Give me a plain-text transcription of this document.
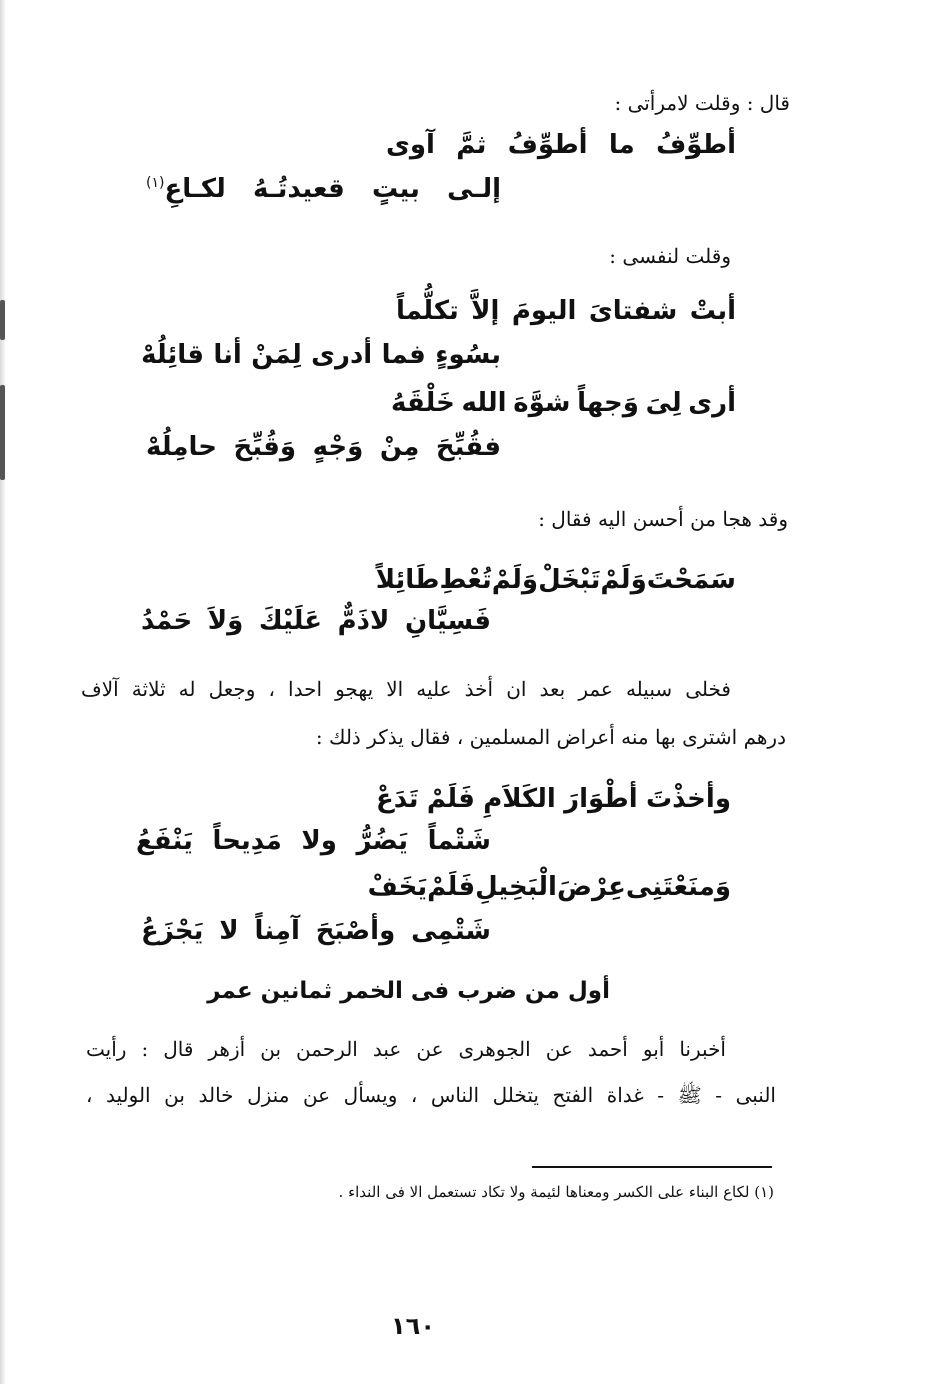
قال : وقلت لامرأتى :
أطوِّفُ
ما
أطوِّفُ
ثمَّ
آوى
إلـى
بيتٍ
قعيدتُـهُ
لكـاعِ(١)
وقلت لنفسى :
أبتْ
شفتاىَ
اليومَ
إلاَّ
تكلُّماً
بسُوءٍ
فما
أدرى
لِمَنْ
أنا
قائِلُهْ
أرى
لِىَ
وَجهاً
شوَّهَ
الله
خَلْقَهُ
فقُبِّحَ
مِنْ
وَجْهٍ
وَقُبِّحَ
حامِلُهْ
وقد هجا من أحسن اليه فقال :
سَمَحْتَ
وَلَمْ
تَبْخَلْ
وَلَمْ
تُعْطِ
طَائِلاً
فَسِيَّانِ
لاذَمٌّ
عَلَيْكَ
وَلاَ
حَمْدُ
فخلى سبيله عمر بعد ان أخذ عليه الا يهجو احدا ، وجعل له ثلاثة آلاف
درهم اشترى بها منه أعراض المسلمين ، فقال يذكر ذلك :
وأخذْتَ
أطْوَارَ
الكَلاَمِ
فَلَمْ
تَدَعْ
شَتْماً
يَضُرُّ
ولا
مَدِيحاً
يَنْفَعُ
وَمنَعْتَنِى
عِرْضَ
الْبَخِيلِ
فَلَمْ
يَخَفْ
شَتْمِى
وأصْبَحَ
آمِناً
لا
يَجْزَعُ
أول من ضرب فى الخمر ثمانين عمر
أخبرنا أبو أحمد عن الجوهرى عن عبد الرحمن بن أزهر قال : رأيت
النبى - ﷺ - غداة الفتح يتخلل الناس ، ويسأل عن منزل خالد بن الوليد ،
(١) لكاع البناء على الكسر ومعناها لئيمة ولا تكاد تستعمل الا فى النداء .
١٦٠
